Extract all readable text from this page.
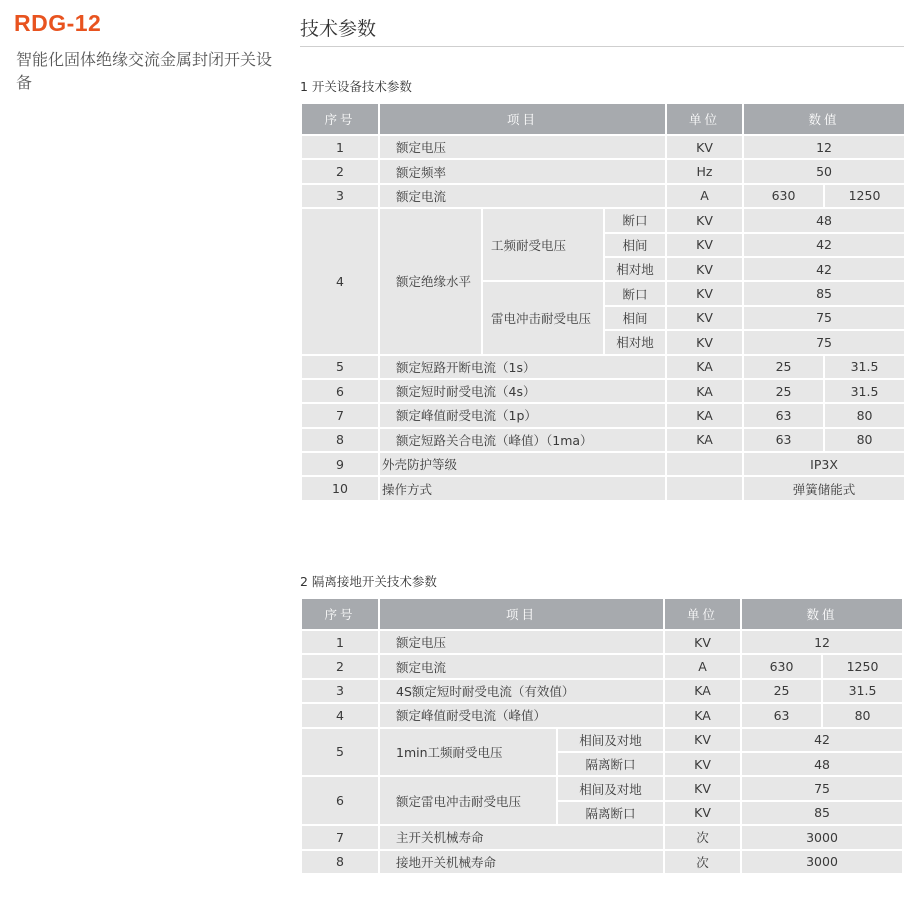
RDG-12
智能化固体绝缘交流金属封闭开关设备
技术参数
1 开关设备技术参数
序号	项目			单位	数值	
1	额定电压			KV	12	
2	额定频率			Hz	50	
3	额定电流			A	630	1250
4	额定绝缘水平	工频耐受电压	断口	KV	48	
			相间	KV	42	
			相对地	KV	42	
		雷电冲击耐受电压	断口	KV	85	
			相间	KV	75	
			相对地	KV	75	
5	额定短路开断电流（1s）			KA	25	31.5
6	额定短时耐受电流（4s）			KA	25	31.5
7	额定峰值耐受电流（1p）			KA	63	80
8	额定短路关合电流（峰值）（1ma）			KA	63	80
9	外壳防护等级				IP3X	
10	操作方式				弹簧储能式	
2 隔离接地开关技术参数
序号	项目		单位	数值	
1	额定电压		KV	12	
2	额定电流		A	630	1250
3	4S额定短时耐受电流（有效值）		KA	25	31.5
4	额定峰值耐受电流（峰值）		KA	63	80
5	1min工频耐受电压	相间及对地	KV	42	
		隔离断口	KV	48	
6	额定雷电冲击耐受电压	相间及对地	KV	75	
		隔离断口	KV	85	
7	主开关机械寿命		次	3000	
8	接地开关机械寿命		次	3000	
